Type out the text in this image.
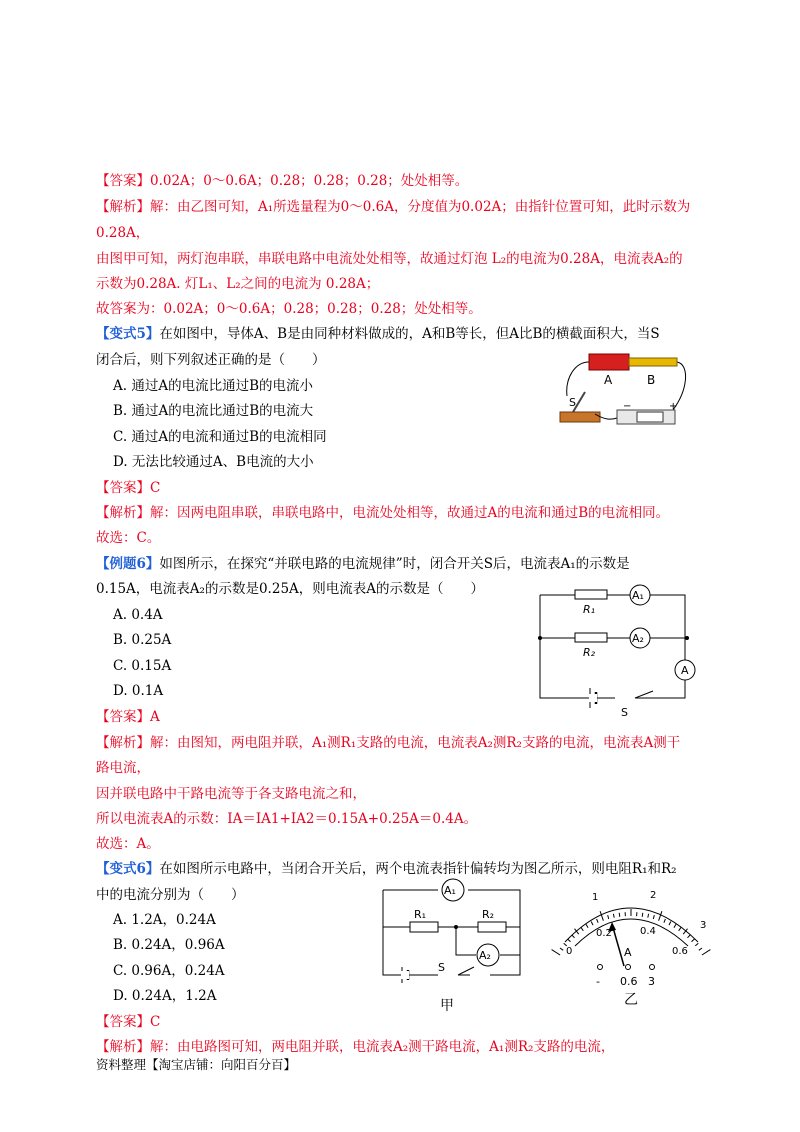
【答案】0.02A；0～0.6A；0.28；0.28；0.28；处处相等。
【解析】解：由乙图可知，A₁所选量程为0～0.6A，分度值为0.02A；由指针位置可知，此时示数为
0.28A，
由图甲可知，两灯泡串联，串联电路中电流处处相等，故通过灯泡 L₂的电流为0.28A，电流表A₂的
示数为0.28A. 灯L₁、L₂之间的电流为 0.28A；
故答案为：0.02A；0～0.6A；0.28；0.28；0.28；处处相等。
【变式5】在如图中，导体A、B是由同种材料做成的，A和B等长，但A比B的横截面积大，当S
闭合后，则下列叙述正确的是（　　）
A. 通过A的电流比通过B的电流小
B. 通过A的电流比通过B的电流大
C. 通过A的电流和通过B的电流相同
D. 无法比较通过A、B电流的大小
【答案】C
【解析】解：因两电阻串联，串联电路中，电流处处相等，故通过A的电流和通过B的电流相同。
故选：C。
A	B
S	−	+
【例题6】如图所示，在探究“并联电路的电流规律”时，闭合开关S后，电流表A₁的示数是
0.15A，电流表A₂的示数是0.25A，则电流表A的示数是（　　）
A. 0.4A
B. 0.25A
C. 0.15A
D. 0.1A
【答案】A
【解析】解：由图知，两电阻并联，A₁测R₁支路的电流，电流表A₂测R₂支路的电流，电流表A测干
路电流，
因并联电路中干路电流等于各支路电流之和，
所以电流表A的示数：IA＝IA1+IA2＝0.15A+0.25A＝0.4A。
故选：A。
R₁
R₂
A₁
A₂
A
S
【变式6】在如图所示电路中，当闭合开关后，两个电流表指针偏转均为图乙所示，则电阻R₁和R₂
中的电流分别为（　　）
A. 1.2A，0.24A
B. 0.24A，0.96A
C. 0.96A，0.24A
D. 0.24A，1.2A
【答案】C
【解析】解：由电路图可知，两电阻并联，电流表A₂测干路电流，A₁测R₂支路的电流，
A₁
A₂
R₁	R₂
S
甲
1	2
3
0.2	0.4
0.6
0	A
- 0.6 3
乙
资料整理【淘宝店铺：向阳百分百】
